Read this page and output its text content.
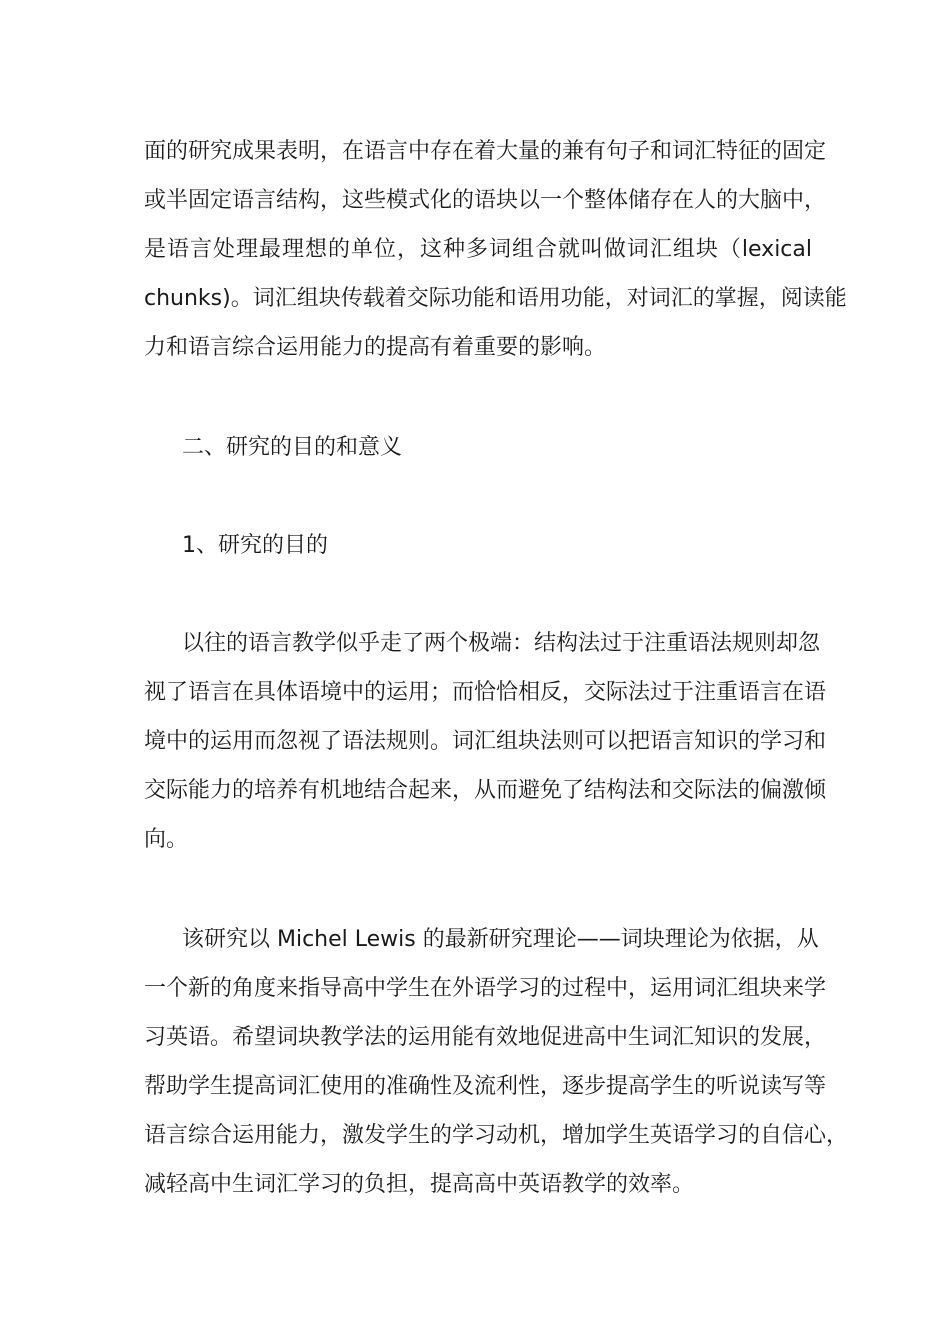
面的研究成果表明，在语言中存在着大量的兼有句子和词汇特征的固定
或半固定语言结构，这些模式化的语块以一个整体储存在人的大脑中，
是语言处理最理想的单位，这种多词组合就叫做词汇组块（lexical
chunks)。词汇组块传载着交际功能和语用功能，对词汇的掌握，阅读能
力和语言综合运用能力的提高有着重要的影响。
二、研究的目的和意义
1、研究的目的
以往的语言教学似乎走了两个极端：结构法过于注重语法规则却忽
视了语言在具体语境中的运用；而恰恰相反，交际法过于注重语言在语
境中的运用而忽视了语法规则。词汇组块法则可以把语言知识的学习和
交际能力的培养有机地结合起来，从而避免了结构法和交际法的偏激倾
向。
该研究以 Michel Lewis 的最新研究理论——词块理论为依据，从
一个新的角度来指导高中学生在外语学习的过程中，运用词汇组块来学
习英语。希望词块教学法的运用能有效地促进高中生词汇知识的发展，
帮助学生提高词汇使用的准确性及流利性，逐步提高学生的听说读写等
语言综合运用能力，激发学生的学习动机，增加学生英语学习的自信心，
减轻高中生词汇学习的负担，提高高中英语教学的效率。
